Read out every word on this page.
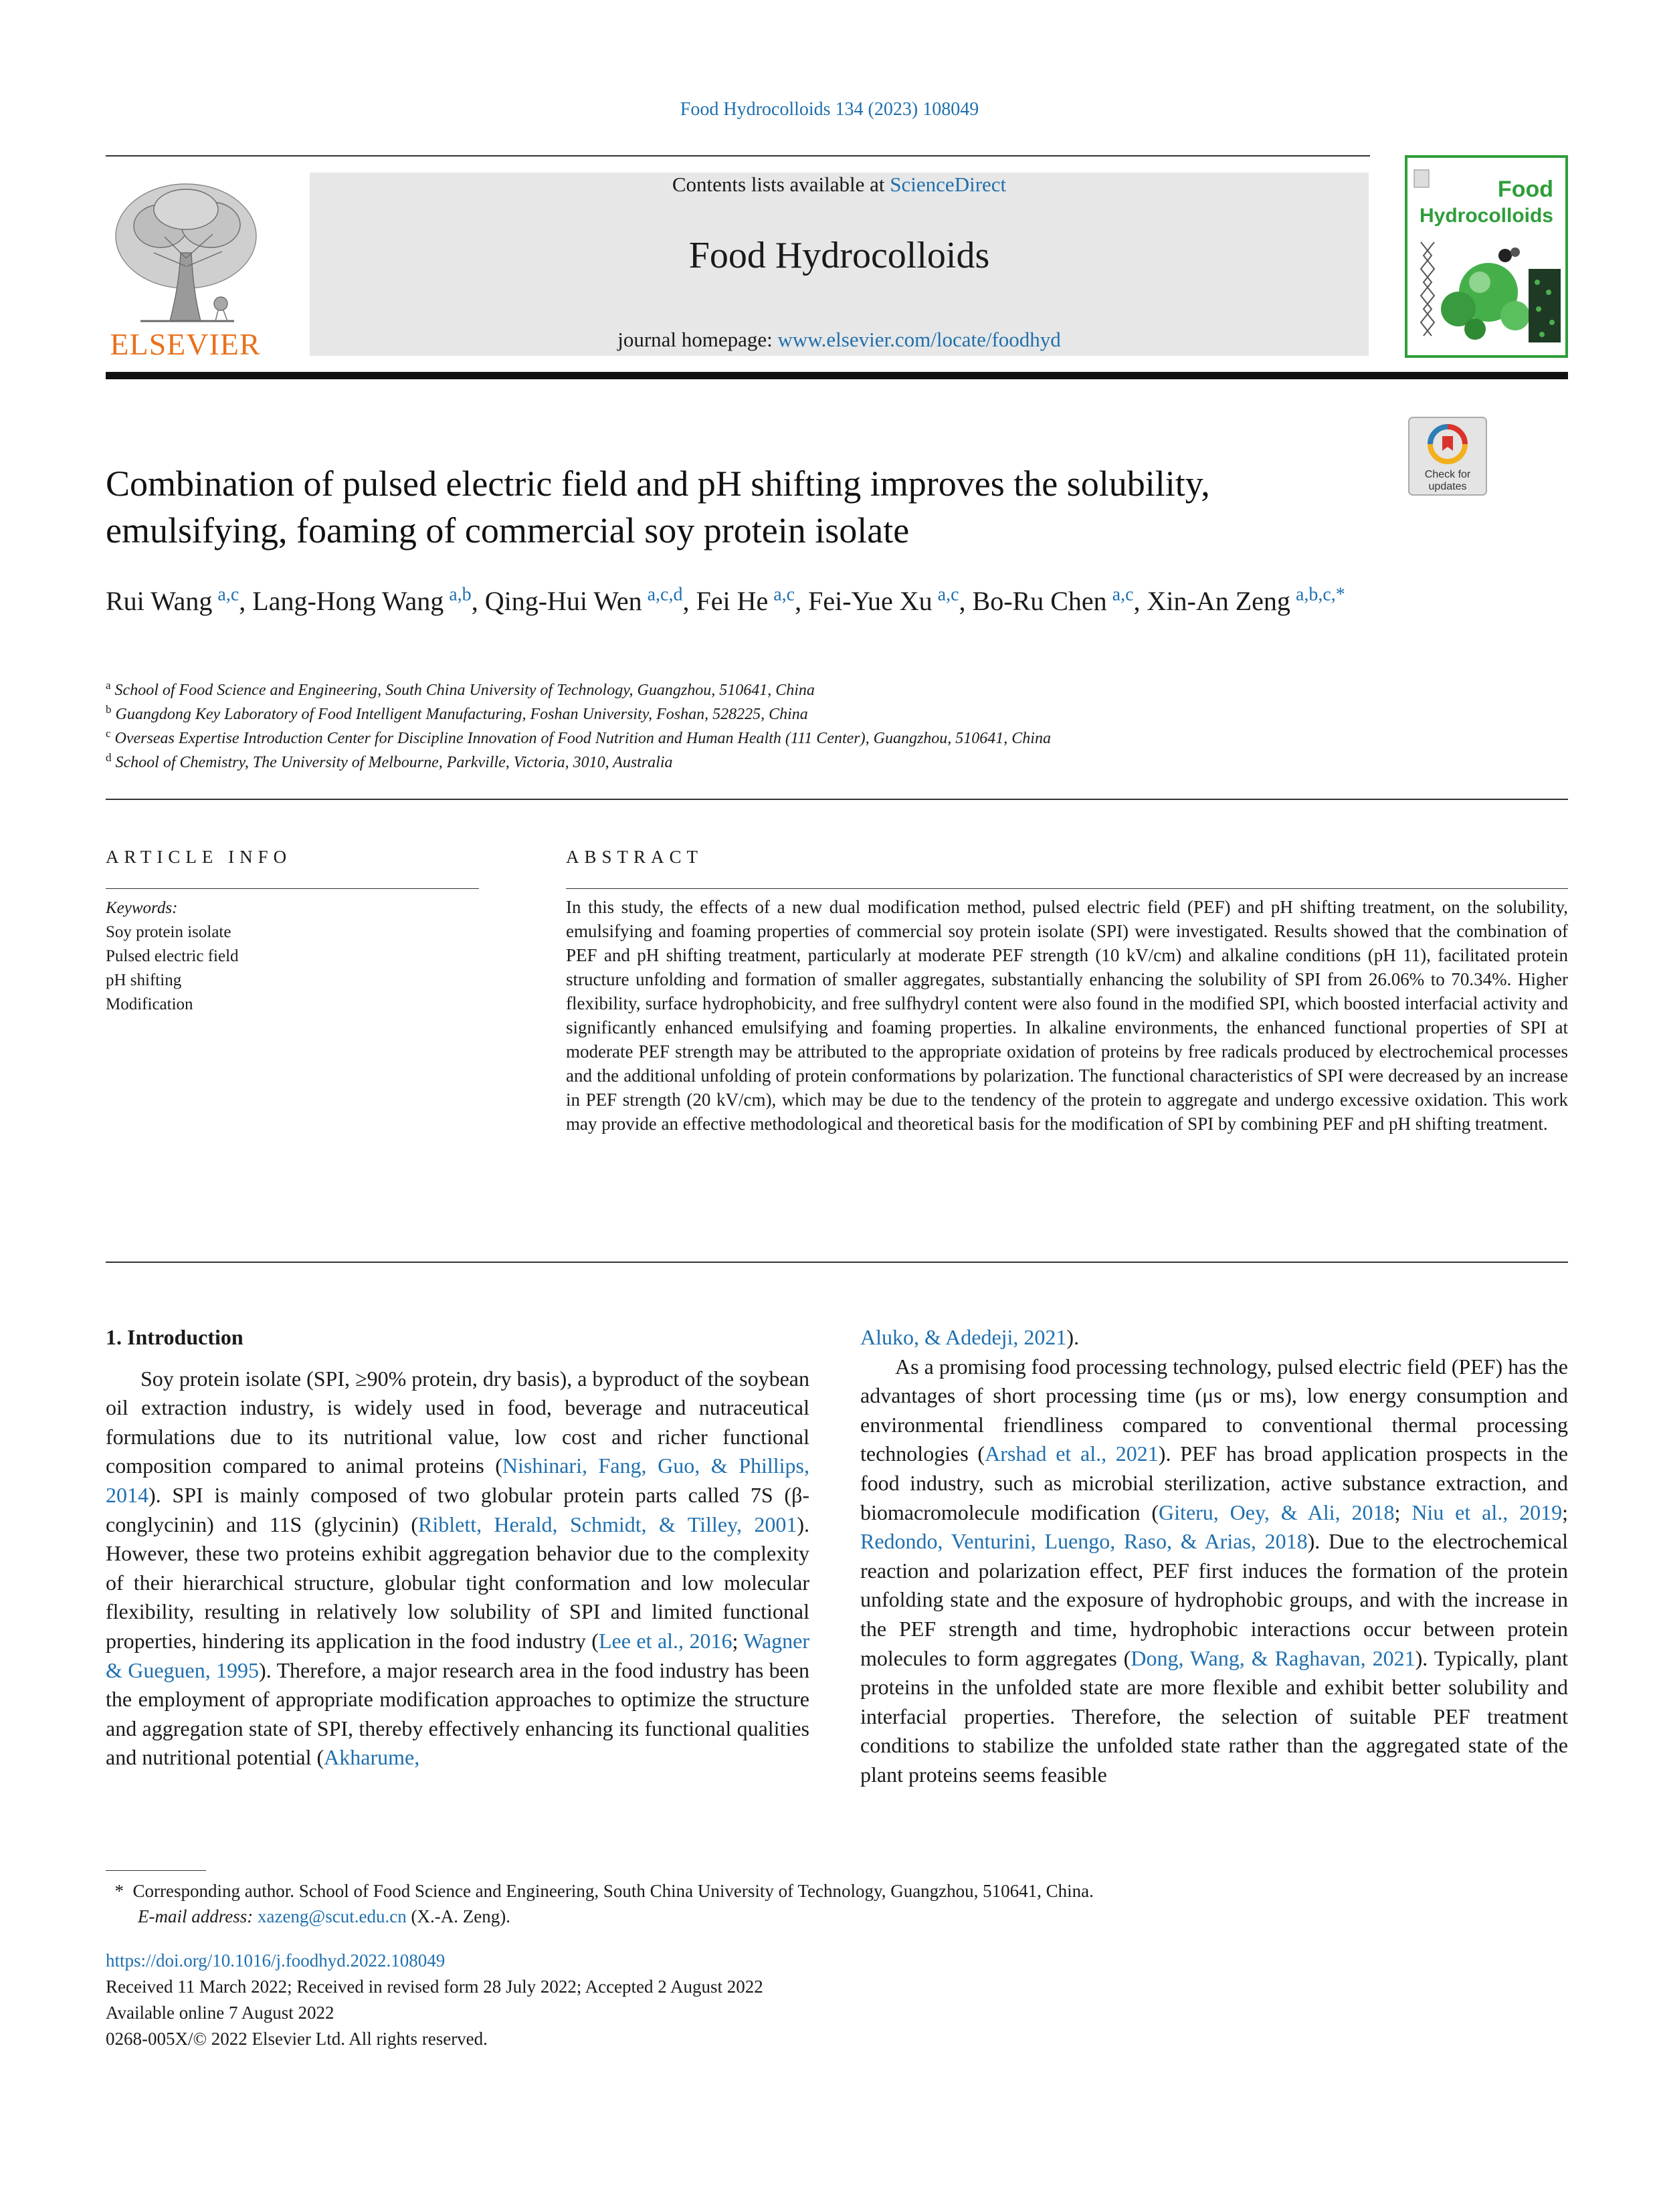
Food Hydrocolloids 134 (2023) 108049
ELSEVIER
Contents lists available at ScienceDirect
Food Hydrocolloids
journal homepage: www.elsevier.com/locate/foodhyd
Food
Hydrocolloids
Check for
updates
Combination of pulsed electric field and pH shifting improves the solubility, emulsifying, foaming of commercial soy protein isolate
Rui Wang  $^{a,c}$, Lang-Hong Wang  $^{a,b}$, Qing-Hui Wen  $^{a,c,d}$, Fei He  $^{a,c}$, Fei-Yue Xu  $^{a,c}$, Bo-Ru Chen  $^{a,c}$, Xin-An Zeng  $^{a,b,c,*}$
$^a$ School of Food Science and Engineering, South China University of Technology, Guangzhou, 510641, China
$^b$ Guangdong Key Laboratory of Food Intelligent Manufacturing, Foshan University, Foshan, 528225, China
$^c$ Overseas Expertise Introduction Center for Discipline Innovation of Food Nutrition and Human Health (111 Center), Guangzhou, 510641, China
$^d$ School of Chemistry, The University of Melbourne, Parkville, Victoria, 3010, Australia
ARTICLE INFO	ABSTRACT
Keywords:
Soy protein isolate
Pulsed electric field
pH shifting
Modification
In this study, the effects of a new dual modification method, pulsed electric field (PEF) and pH shifting treatment, on the solubility, emulsifying and foaming properties of commercial soy protein isolate (SPI) were investigated. Results showed that the combination of PEF and pH shifting treatment, particularly at moderate PEF strength (10 kV/cm) and alkaline conditions (pH 11), facilitated protein structure unfolding and formation of smaller aggregates, substantially enhancing the solubility of SPI from 26.06% to 70.34%. Higher flexibility, surface hydrophobicity, and free sulfhydryl content were also found in the modified SPI, which boosted interfacial activity and significantly enhanced emulsifying and foaming properties. In alkaline environments, the enhanced functional properties of SPI at moderate PEF strength may be attributed to the appropriate oxidation of proteins by free radicals produced by electrochemical processes and the additional unfolding of protein conformations by polarization. The functional characteristics of SPI were decreased by an increase in PEF strength (20 kV/cm), which may be due to the tendency of the protein to aggregate and undergo excessive oxidation. This work may provide an effective methodological and theoretical basis for the modification of SPI by combining PEF and pH shifting treatment.
1. Introduction

Soy protein isolate (SPI, ≥90% protein, dry basis), a byproduct of the soybean oil extraction industry, is widely used in food, beverage and nutraceutical formulations due to its nutritional value, low cost and richer functional composition compared to animal proteins (Nishinari, Fang, Guo, & Phillips, 2014). SPI is mainly composed of two globular protein parts called 7S (β-conglycinin) and 11S (glycinin) (Riblett, Herald, Schmidt, & Tilley, 2001). However, these two proteins exhibit aggregation behavior due to the complexity of their hierarchical structure, globular tight conformation and low molecular flexibility, resulting in relatively low solubility of SPI and limited functional properties, hindering its application in the food industry (Lee et al., 2016; Wagner & Gueguen, 1995). Therefore, a major research area in the food industry has been the employment of appropriate modification approaches to optimize the structure and aggregation state of SPI, thereby effectively enhancing its functional qualities and nutritional potential (Akharume,

Aluko, & Adedeji, 2021).

As a promising food processing technology, pulsed electric field (PEF) has the advantages of short processing time (μs or ms), low energy consumption and environmental friendliness compared to conventional thermal processing technologies (Arshad et al., 2021). PEF has broad application prospects in the food industry, such as microbial sterilization, active substance extraction, and biomacromolecule modification (Giteru, Oey, & Ali, 2018; Niu et al., 2019; Redondo, Venturini, Luengo, Raso, & Arias, 2018). Due to the electrochemical reaction and polarization effect, PEF first induces the formation of the protein unfolding state and the exposure of hydrophobic groups, and with the increase in the PEF strength and time, hydrophobic interactions occur between protein molecules to form aggregates (Dong, Wang, & Raghavan, 2021). Typically, plant proteins in the unfolded state are more flexible and exhibit better solubility and interfacial properties. Therefore, the selection of suitable PEF treatment conditions to stabilize the unfolded state rather than the aggregated state of the plant proteins seems feasible

* Corresponding author. School of Food Science and Engineering, South China University of Technology, Guangzhou, 510641, China.
E-mail address: xazeng@scut.edu.cn (X.-A. Zeng).
https://doi.org/10.1016/j.foodhyd.2022.108049
Received 11 March 2022; Received in revised form 28 July 2022; Accepted 2 August 2022
Available online 7 August 2022
0268-005X/© 2022 Elsevier Ltd. All rights reserved.
